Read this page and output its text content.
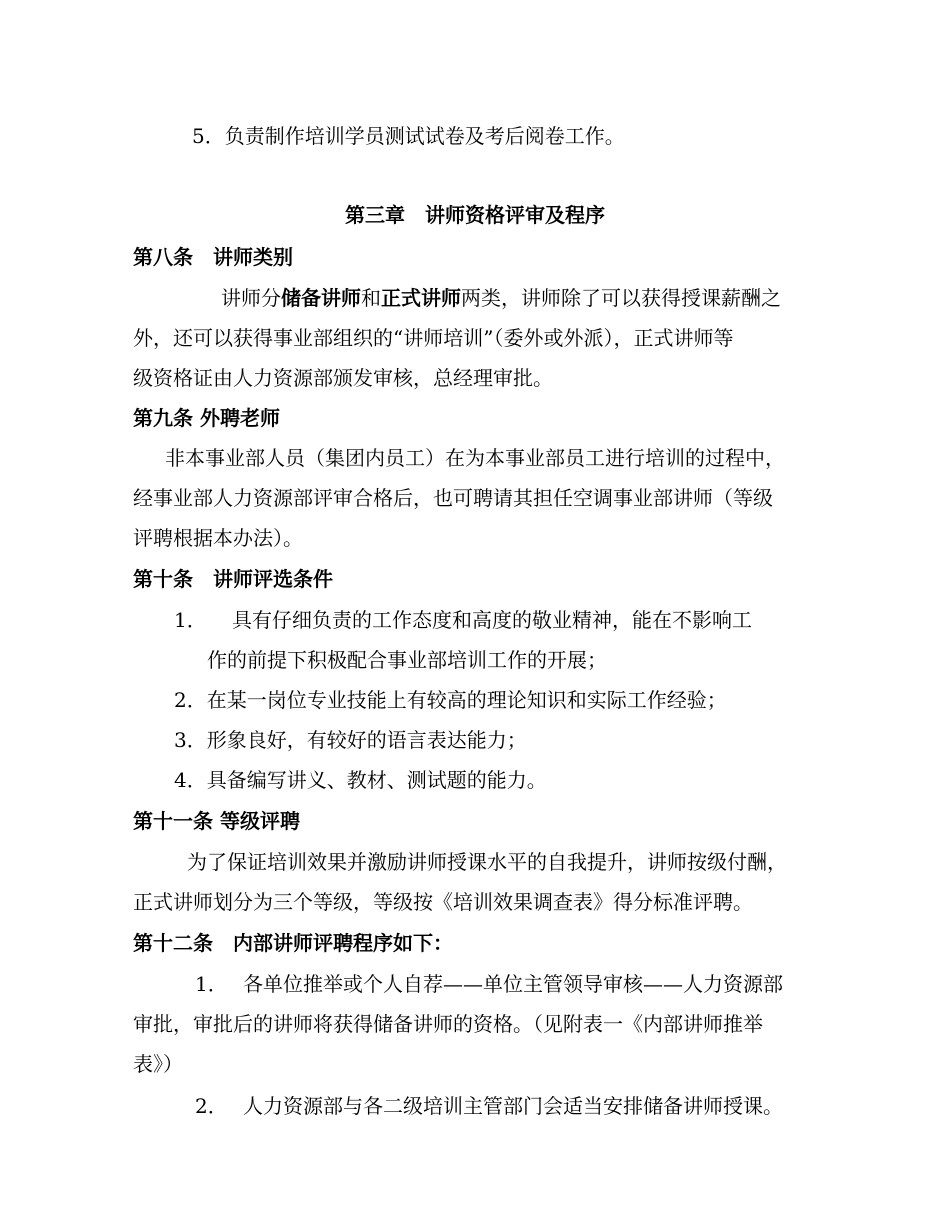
5．负责制作培训学员测试试卷及考后阅卷工作。
第三章　讲师资格评审及程序
第八条　讲师类别
讲师分储备讲师和正式讲师两类，讲师除了可以获得授课薪酬之
外，还可以获得事业部组织的“讲师培训”（委外或外派），正式讲师等
级资格证由人力资源部颁发审核，总经理审批。
第九条 外聘老师
非本事业部人员（集团内员工）在为本事业部员工进行培训的过程中，
经事业部人力资源部评审合格后，也可聘请其担任空调事业部讲师（等级
评聘根据本办法）。
第十条　讲师评选条件
1． 具有仔细负责的工作态度和高度的敬业精神，能在不影响工
作的前提下积极配合事业部培训工作的开展；
2．在某一岗位专业技能上有较高的理论知识和实际工作经验；
3．形象良好，有较好的语言表达能力；
4．具备编写讲义、教材、测试题的能力。
第十一条 等级评聘
为了保证培训效果并激励讲师授课水平的自我提升，讲师按级付酬，
正式讲师划分为三个等级，等级按《培训效果调查表》得分标准评聘。
第十二条　内部讲师评聘程序如下：
1． 各单位推举或个人自荐——单位主管领导审核——人力资源部
审批，审批后的讲师将获得储备讲师的资格。（见附表一《内部讲师推举
表》）
2． 人力资源部与各二级培训主管部门会适当安排储备讲师授课。
